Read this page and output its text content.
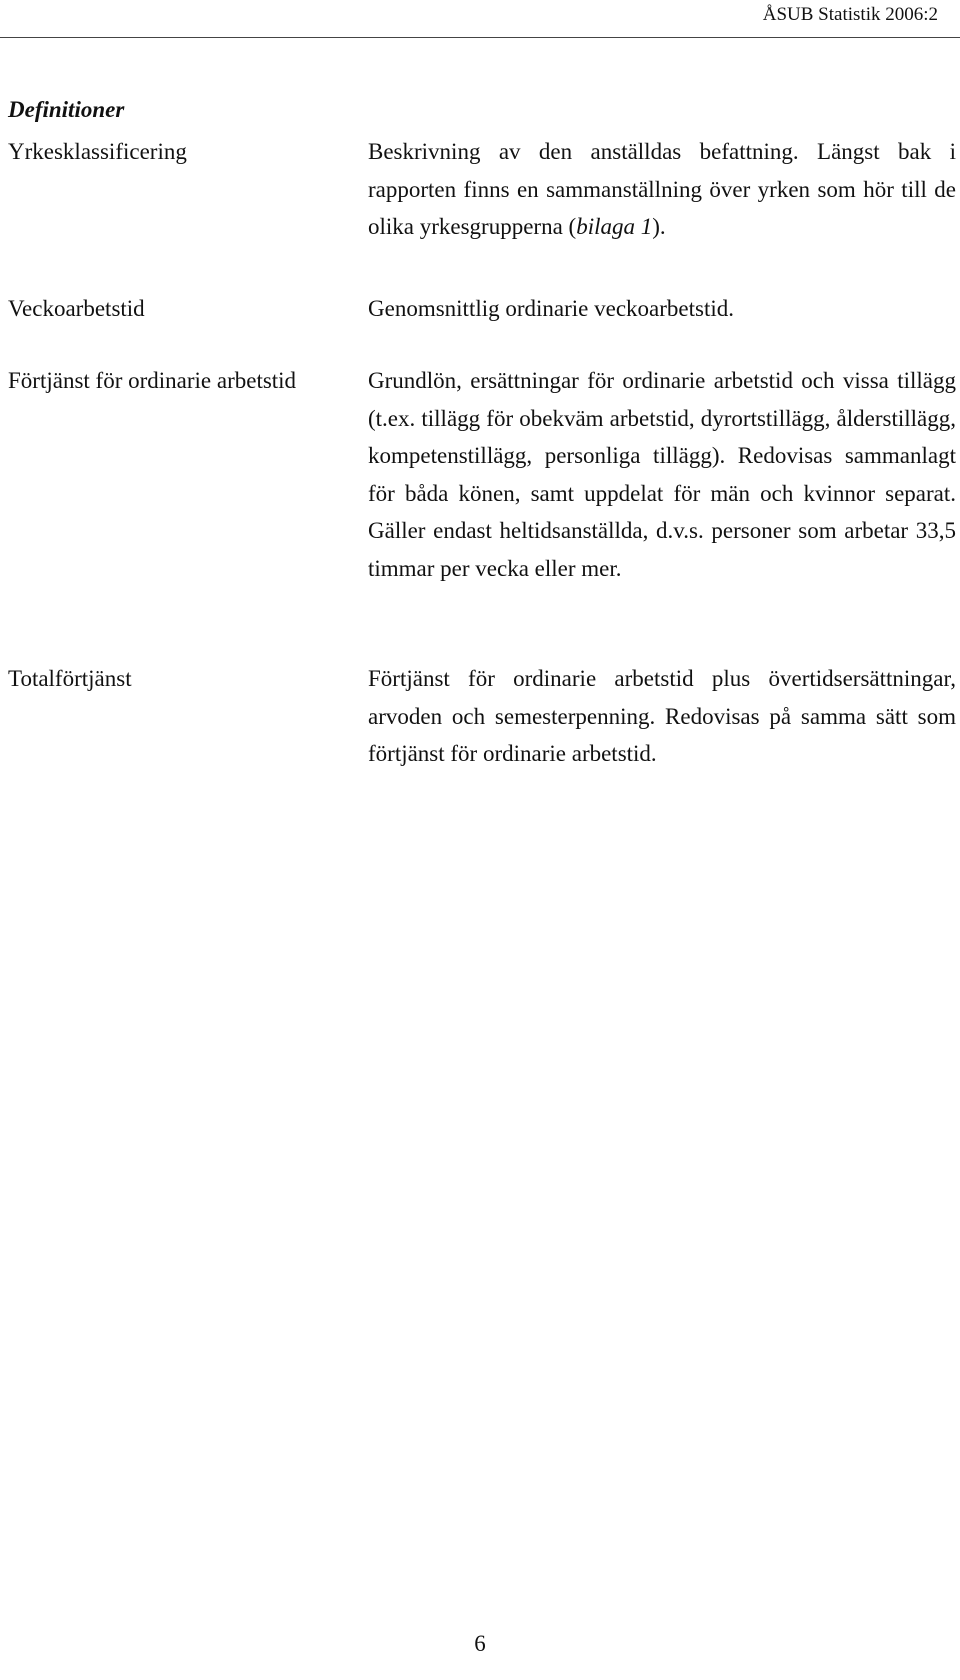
ÅSUB Statistik 2006:2
Definitioner
Yrkesklassificering	Beskrivning av den anställdas befattning. Längst bak i rapporten finns en sammanställning över yrken som hör till de olika yrkesgrupperna (bilaga 1).

Veckoarbetstid	Genomsnittlig ordinarie veckoarbetstid.

Förtjänst för ordinarie arbetstid	Grundlön, ersättningar för ordinarie arbetstid och vissa tillägg (t.ex. tillägg för obekväm arbetstid, dyrortstillägg, ålderstillägg, kompetenstillägg, personliga tillägg). Redovisas sammanlagt för båda könen, samt uppdelat för män och kvinnor separat. Gäller endast heltidsanställda, d.v.s. personer som arbetar 33,5 timmar per vecka eller mer.

Totalförtjänst	Förtjänst för ordinarie arbetstid plus övertidsersättningar, arvoden och semesterpenning. Redovisas på samma sätt som förtjänst för ordinarie arbetstid.

6
